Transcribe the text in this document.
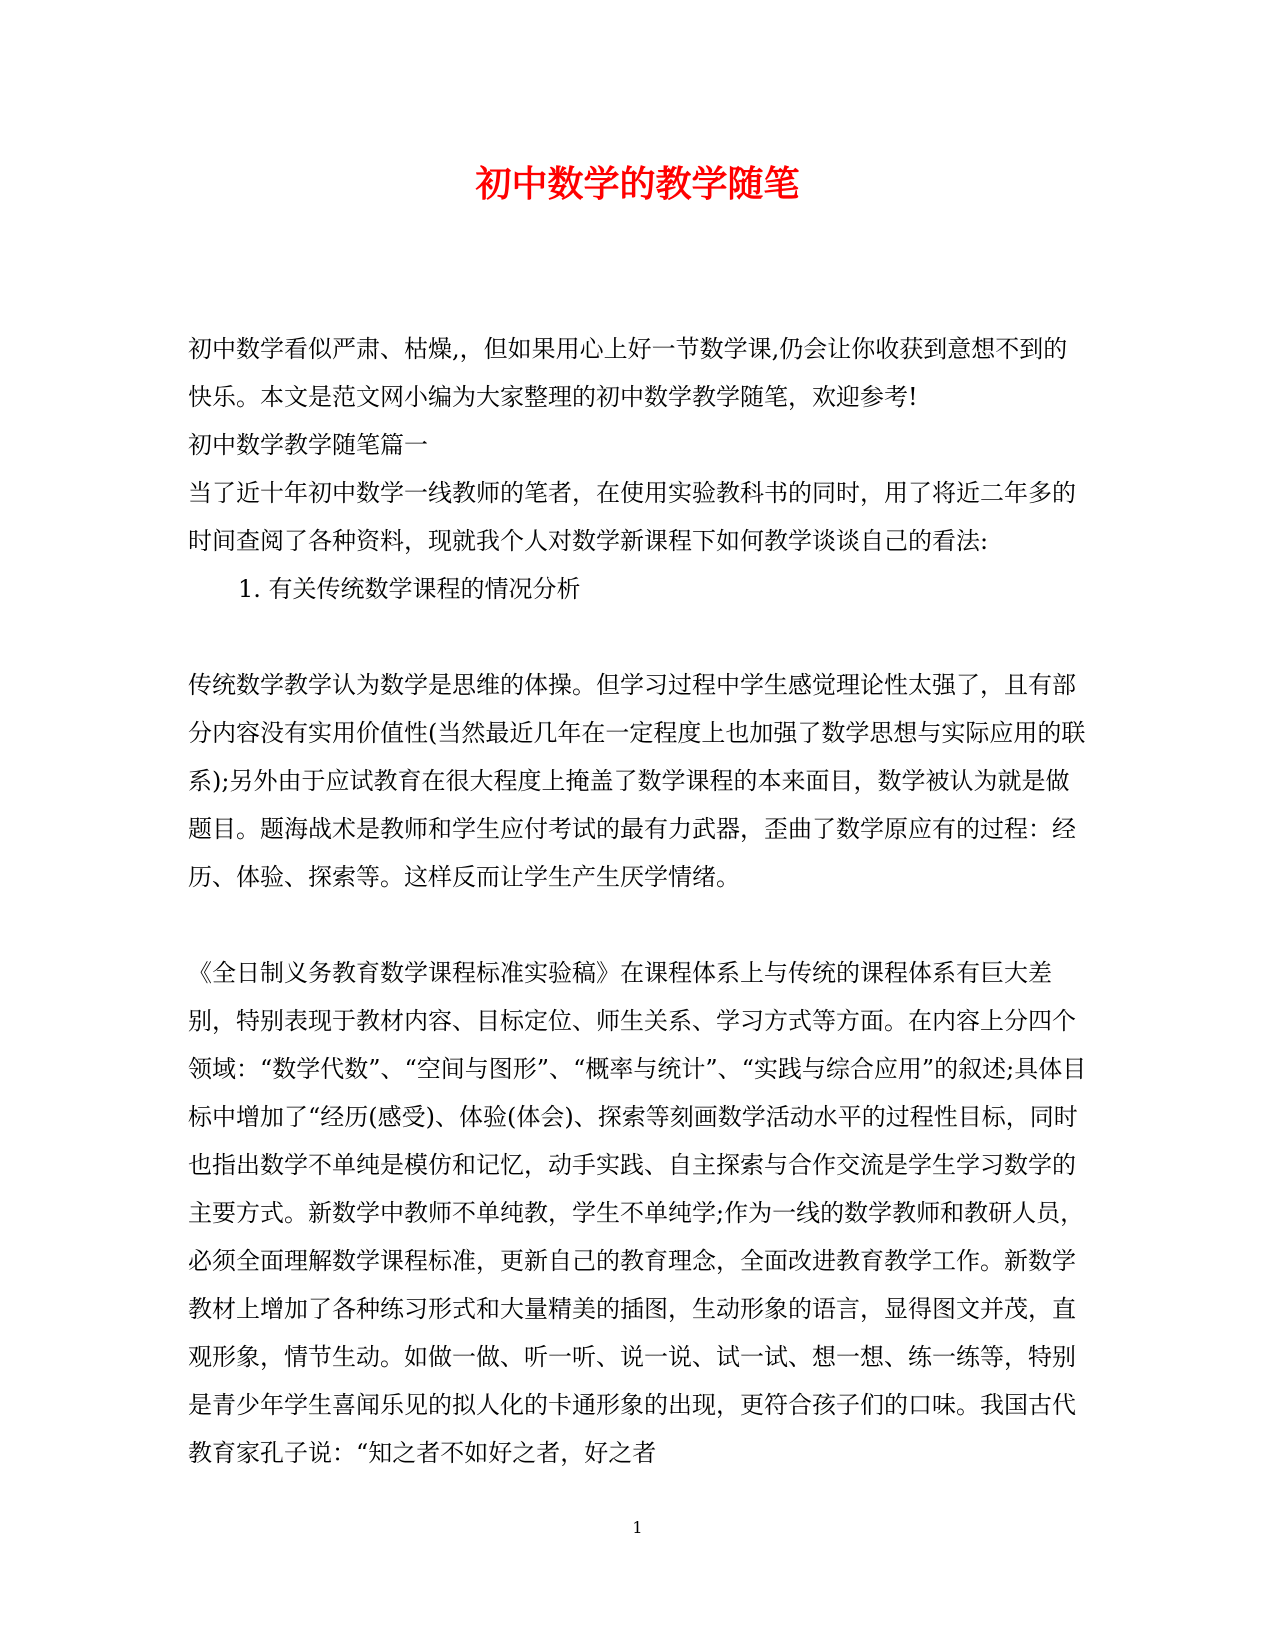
初中数学的教学随笔

初中数学看似严肃、枯燥,，但如果用心上好一节数学课,仍会让你收获到意想不到的快乐。本文是范文网小编为大家整理的初中数学教学随笔，欢迎参考!

初中数学教学随笔篇一

当了近十年初中数学一线教师的笔者，在使用实验教科书的同时，用了将近二年多的时间查阅了各种资料，现就我个人对数学新课程下如何教学谈谈自己的看法:

1. 有关传统数学课程的情况分析

传统数学教学认为数学是思维的体操。但学习过程中学生感觉理论性太强了，且有部分内容没有实用价值性(当然最近几年在一定程度上也加强了数学思想与实际应用的联系);另外由于应试教育在很大程度上掩盖了数学课程的本来面目，数学被认为就是做题目。题海战术是教师和学生应付考试的最有力武器，歪曲了数学原应有的过程：经历、体验、探索等。这样反而让学生产生厌学情绪。

《全日制义务教育数学课程标准实验稿》在课程体系上与传统的课程体系有巨大差别，特别表现于教材内容、目标定位、师生关系、学习方式等方面。在内容上分四个领域：“数学代数”、“空间与图形”、“概率与统计”、“实践与综合应用”的叙述;具体目标中增加了“经历(感受)、体验(体会)、探索等刻画数学活动水平的过程性目标，同时也指出数学不单纯是模仿和记忆，动手实践、自主探索与合作交流是学生学习数学的主要方式。新数学中教师不单纯教，学生不单纯学;作为一线的数学教师和教研人员，必须全面理解数学课程标准，更新自己的教育理念，全面改进教育教学工作。新数学教材上增加了各种练习形式和大量精美的插图，生动形象的语言，显得图文并茂，直观形象，情节生动。如做一做、听一听、说一说、试一试、想一想、练一练等，特别是青少年学生喜闻乐见的拟人化的卡通形象的出现，更符合孩子们的口味。我国古代教育家孔子说：“知之者不如好之者，好之者

1
